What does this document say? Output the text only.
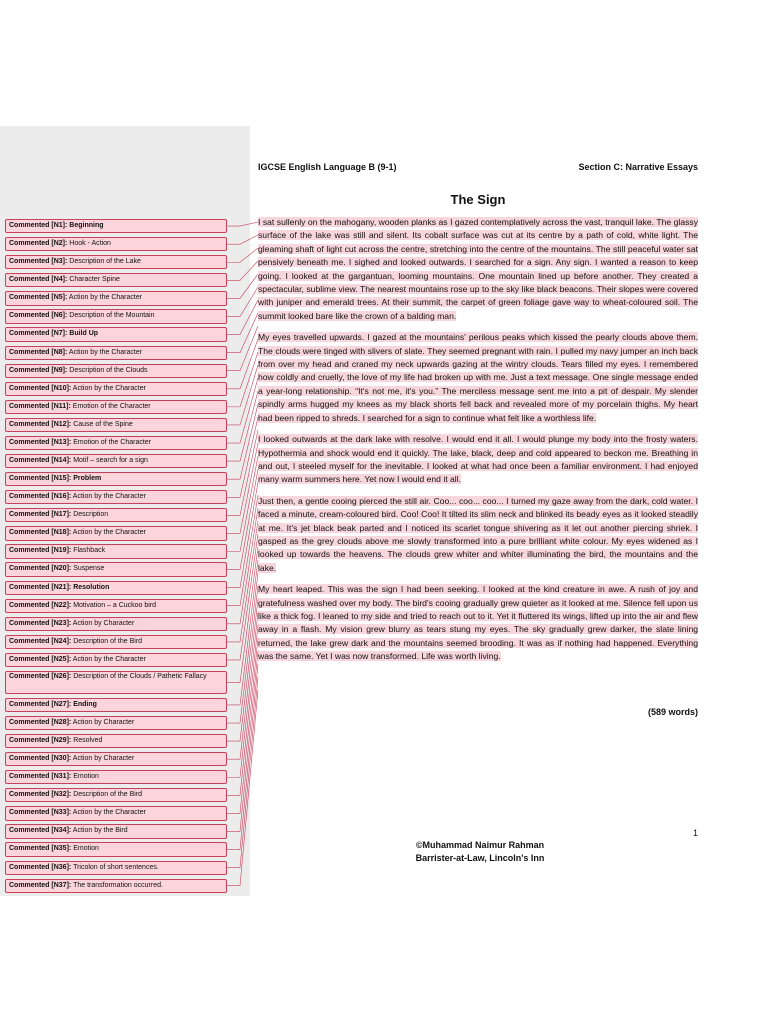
IGCSE English Language B (9-1)	Section C: Narrative Essays
The Sign

I sat sullenly on the mahogany, wooden planks as I gazed contemplatively across the vast, tranquil lake. The glassy surface of the lake was still and silent. Its cobalt surface was cut at its centre by a path of cold, white light. The gleaming shaft of light cut across the centre, stretching into the centre of the mountains. The still peaceful water sat pensively beneath me. I sighed and looked outwards. I searched for a sign. Any sign. I wanted a reason to keep going. I looked at the gargantuan, looming mountains. One mountain lined up before another. They created a spectacular, sublime view. The nearest mountains rose up to the sky like black beacons. Their slopes were covered with juniper and emerald trees. At their summit, the carpet of green foliage gave way to wheat-coloured soil. The summit looked bare like the crown of a balding man.

My eyes travelled upwards. I gazed at the mountains' perilous peaks which kissed the pearly clouds above them. The clouds were tinged with slivers of slate. They seemed pregnant with rain. I pulled my navy jumper an inch back from over my head and craned my neck upwards gazing at the wintry clouds. Tears filled my eyes. I remembered how coldly and cruelly, the love of my life had broken up with me. Just a text message. One single message ended a year-long relationship. “It's not me, it's you.” The merciless message sent me into a pit of despair. My slender spindly arms hugged my knees as my black shorts fell back and revealed more of my porcelain thighs. My heart had been ripped to shreds. I searched for a sign to continue what felt like a worthless life.

I looked outwards at the dark lake with resolve. I would end it all. I would plunge my body into the frosty waters. Hypothermia and shock would end it quickly. The lake, black, deep and cold appeared to beckon me. Breathing in and out, I steeled myself for the inevitable. I looked at what had once been a familiar environment. I had enjoyed many warm summers here. Yet now I would end it all.

Just then, a gentle cooing pierced the still air. Coo... coo... coo... I turned my gaze away from the dark, cold water. I faced a minute, cream-coloured bird. Coo! Coo! It tilted its slim neck and blinked its beady eyes as it looked steadily at me. It's jet black beak parted and I noticed its scarlet tongue shivering as it let out another piercing shriek. I gasped as the grey clouds above me slowly transformed into a pure brilliant white colour. My eyes widened as I looked up towards the heavens. The clouds grew whiter and whiter illuminating the bird, the mountains and the lake.

My heart leaped. This was the sign I had been seeking. I looked at the kind creature in awe. A rush of joy and gratefulness washed over my body. The bird's cooing gradually grew quieter as it looked at me. Silence fell upon us like a thick fog. I leaned to my side and tried to reach out to it. Yet it fluttered its wings, lifted up into the air and flew away in a flash. My vision grew blurry as tears stung my eyes. The sky gradually grew darker, the slate lining returned, the lake grew dark and the mountains seemed brooding. It was as if nothing had happened. Everything was the same. Yet I was now transformed. Life was worth living.

(589 words)
1
©Muhammad Naimur Rahman
Barrister-at-Law, Lincoln's Inn
Commented [N1]: Beginning
Commented [N2]: Hook - Action
Commented [N3]: Description of the Lake
Commented [N4]: Character Spine
Commented [N5]: Action by the Character
Commented [N6]: Description of the Mountain
Commented [N7]: Build Up
Commented [N8]: Action by the Character
Commented [N9]: Description of the Clouds
Commented [N10]: Action by the Character
Commented [N11]: Emotion of the Character
Commented [N12]: Cause of the Spine
Commented [N13]: Emotion of the Character
Commented [N14]: Motif – search for a sign
Commented [N15]: Problem
Commented [N16]: Action by the Character
Commented [N17]: Description
Commented [N18]: Action by the Character
Commented [N19]: Flashback
Commented [N20]: Suspense
Commented [N21]: Resolution
Commented [N22]: Motivation – a Cuckoo bird
Commented [N23]: Action by Character
Commented [N24]: Description of the Bird
Commented [N25]: Action by the Character
Commented [N26]: Description of the Clouds / Pathetic Fallacy
Commented [N27]: Ending
Commented [N28]: Action by Character
Commented [N29]: Resolved
Commented [N30]: Action by Character
Commented [N31]: Emotion
Commented [N32]: Description of the Bird
Commented [N33]: Action by the Character
Commented [N34]: Action by the Bird
Commented [N35]: Emotion
Commented [N36]: Tricolon of short sentences.
Commented [N37]: The transformation occurred.
